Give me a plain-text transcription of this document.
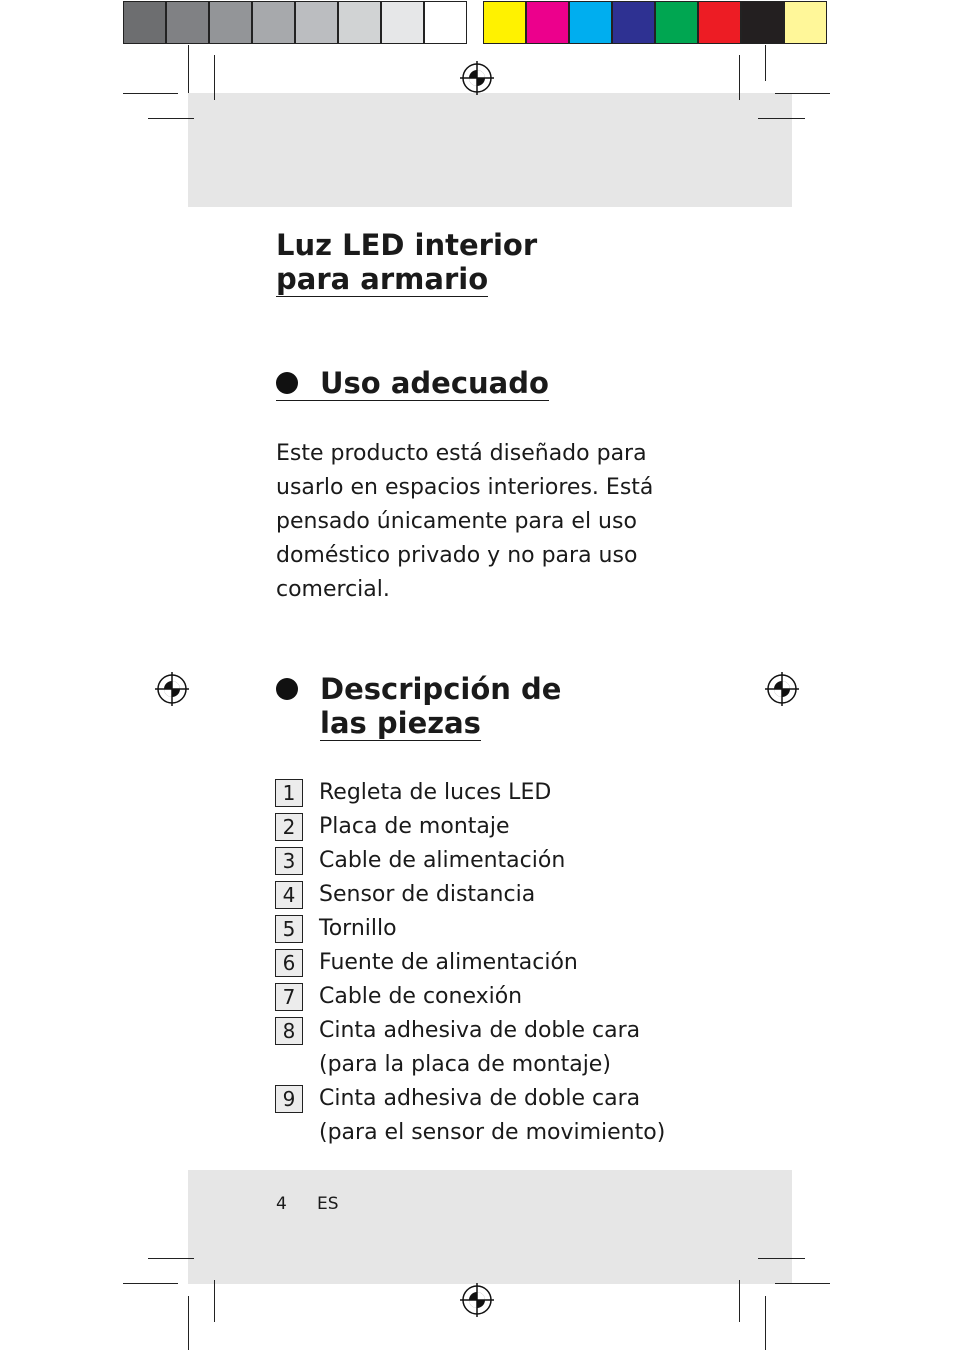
Luz LED interior
para armario
Uso adecuado

Este producto está diseñado para
usarlo en espacios interiores. Está
pensado únicamente para el uso
doméstico privado y no para uso
comercial.

Descripción de
las piezas
1	Regleta de luces LED
2	Placa de montaje
3	Cable de alimentación
4	Sensor de distancia
5	Tornillo
6	Fuente de alimentación
7	Cable de conexión
8	Cinta adhesiva de doble cara
(para la placa de montaje)
9	Cinta adhesiva de doble cara
(para el sensor de movimiento)
4 ES
